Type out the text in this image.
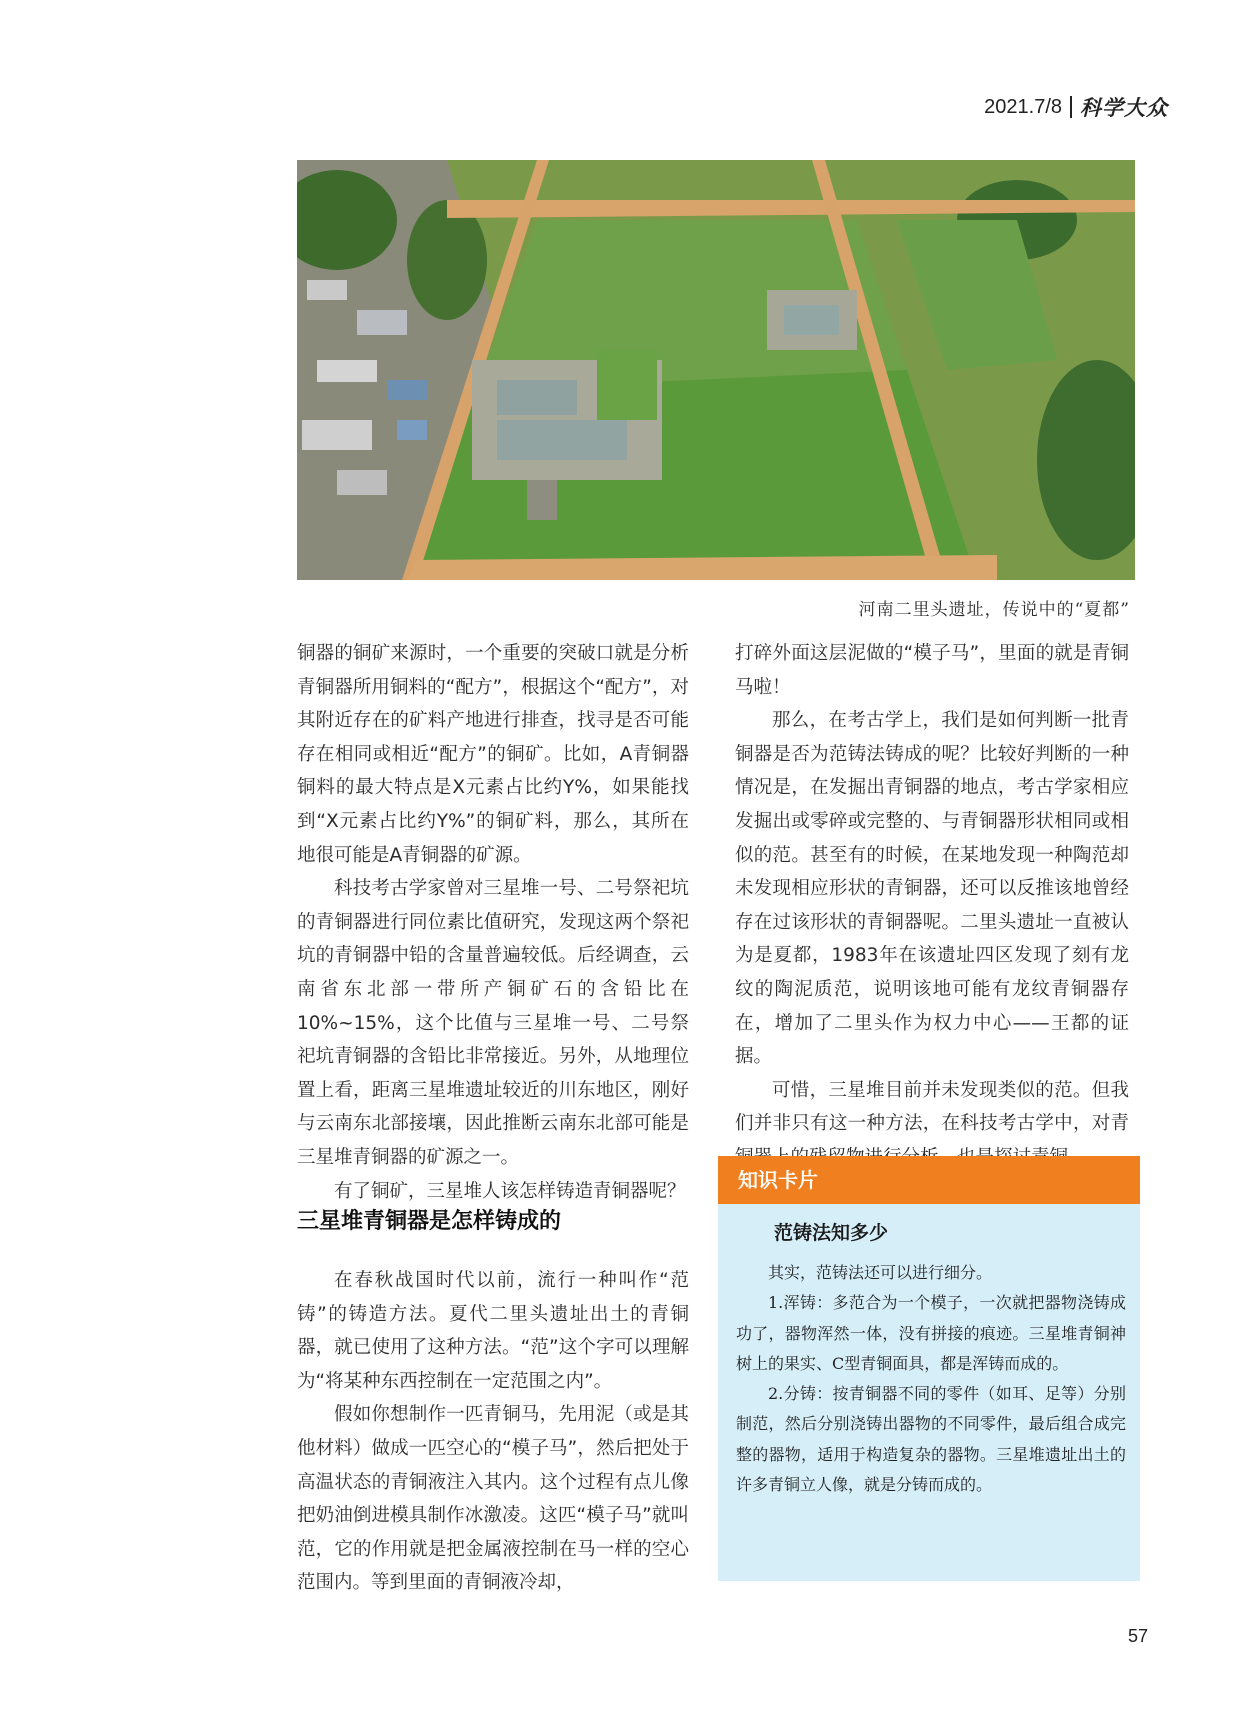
2021.7/8 科学大众
河南二里头遗址，传说中的“夏都”

铜器的铜矿来源时，一个重要的突破口就是分析青铜器所用铜料的“配方”，根据这个“配方”，对其附近存在的矿料产地进行排查，找寻是否可能存在相同或相近“配方”的铜矿。比如，A青铜器铜料的最大特点是X元素占比约Y%，如果能找到“X元素占比约Y%”的铜矿料，那么，其所在地很可能是A青铜器的矿源。

科技考古学家曾对三星堆一号、二号祭祀坑的青铜器进行同位素比值研究，发现这两个祭祀坑的青铜器中铅的含量普遍较低。后经调查，云南省东北部一带所产铜矿石的含铅比在10%~15%，这个比值与三星堆一号、二号祭祀坑青铜器的含铅比非常接近。另外，从地理位置上看，距离三星堆遗址较近的川东地区，刚好与云南东北部接壤，因此推断云南东北部可能是三星堆青铜器的矿源之一。

有了铜矿，三星堆人该怎样铸造青铜器呢？

三星堆青铜器是怎样铸成的

在春秋战国时代以前，流行一种叫作“范铸”的铸造方法。夏代二里头遗址出土的青铜器，就已使用了这种方法。“范”这个字可以理解为“将某种东西控制在一定范围之内”。

假如你想制作一匹青铜马，先用泥（或是其他材料）做成一匹空心的“模子马”，然后把处于高温状态的青铜液注入其内。这个过程有点儿像把奶油倒进模具制作冰激凌。这匹“模子马”就叫范，它的作用就是把金属液控制在马一样的空心范围内。等到里面的青铜液冷却，

打碎外面这层泥做的“模子马”，里面的就是青铜马啦！

那么，在考古学上，我们是如何判断一批青铜器是否为范铸法铸成的呢？比较好判断的一种情况是，在发掘出青铜器的地点，考古学家相应发掘出或零碎或完整的、与青铜器形状相同或相似的范。甚至有的时候，在某地发现一种陶范却未发现相应形状的青铜器，还可以反推该地曾经存在过该形状的青铜器呢。二里头遗址一直被认为是夏都，1983年在该遗址四区发现了刻有龙纹的陶泥质范，说明该地可能有龙纹青铜器存在，增加了二里头作为权力中心——王都的证据。

可惜，三星堆目前并未发现类似的范。但我们并非只有这一种方法，在科技考古学中，对青

知识卡片
范铸法知多少

其实，范铸法还可以进行细分。

1.浑铸：多范合为一个模子，一次就把器物浇铸成功了，器物浑然一体，没有拼接的痕迹。三星堆青铜神树上的果实、C型青铜面具，都是浑铸而成的。

2.分铸：按青铜器不同的零件（如耳、足等）分别制范，然后分别浇铸出器物的不同零件，最后组合成完整的器物，适用于构造复杂的器物。三星堆遗址出土的许多青铜立人像，就是分铸而成的。

57
